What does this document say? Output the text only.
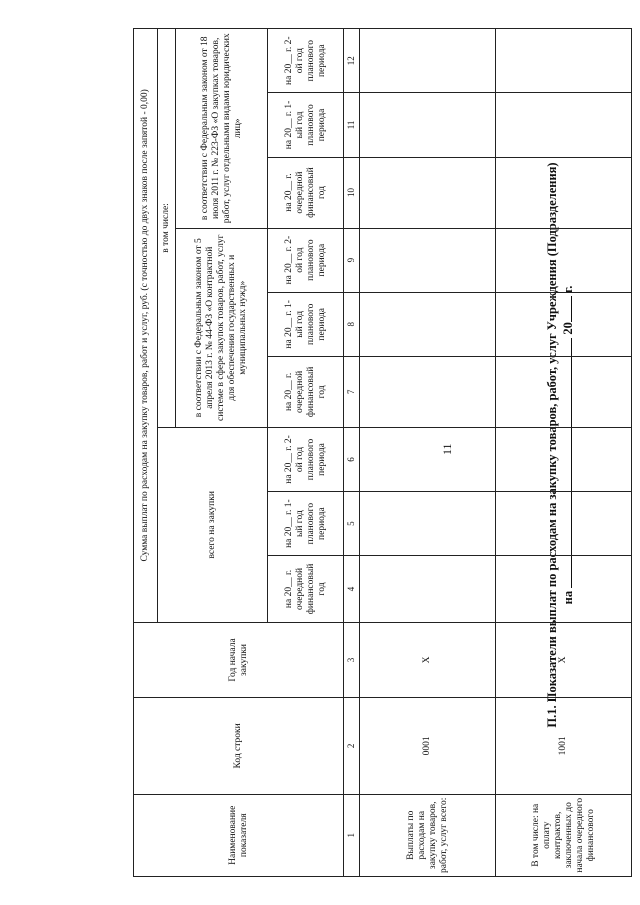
11	П.1. Показатели выплат по расходам на закупку товаров, работ, услуг Учреждения (Подразделения) на  20 г.
Наименование показателя	Код строки	Год начала закупки	Сумма выплат по расходам на закупку товаров, работ и услуг, руб. (с точностью до двух знаков после запятой - 0,00)								
			всего на закупки			в том числе:					
						в соответствии с Федеральным законом от 5 апреля 2013 г. № 44-ФЗ «О контрактной системе в сфере закупок товаров, работ, услуг для обеспечения государственных и муниципальных нужд»			в соответствии с Федеральным законом от 18 июля 2011 г. № 223-ФЗ «О закупках товаров, работ, услуг отдельными видами юридических лиц»		
			на 20__ г. очередной финансовый год	на 20__ г. 1-ый год планового периода	на 20__ г. 2-ой год планового периода	на 20__ г. очередной финансовый год	на 20__ г. 1-ый год планового периода	на 20__ г. 2-ой год планового периода	на 20__ г. очередной финансовый год	на 20__ г. 1-ый год планового периода	на 20__ г. 2-ой год планового периода
1	2	3	4	5	6	7	8	9	10	11	12
Выплаты по расходам на закупку товаров, работ, услуг всего:	0001	X									
В том числе: на оплату контрактов, заключенных до начала очередного финансового	1001	X									
